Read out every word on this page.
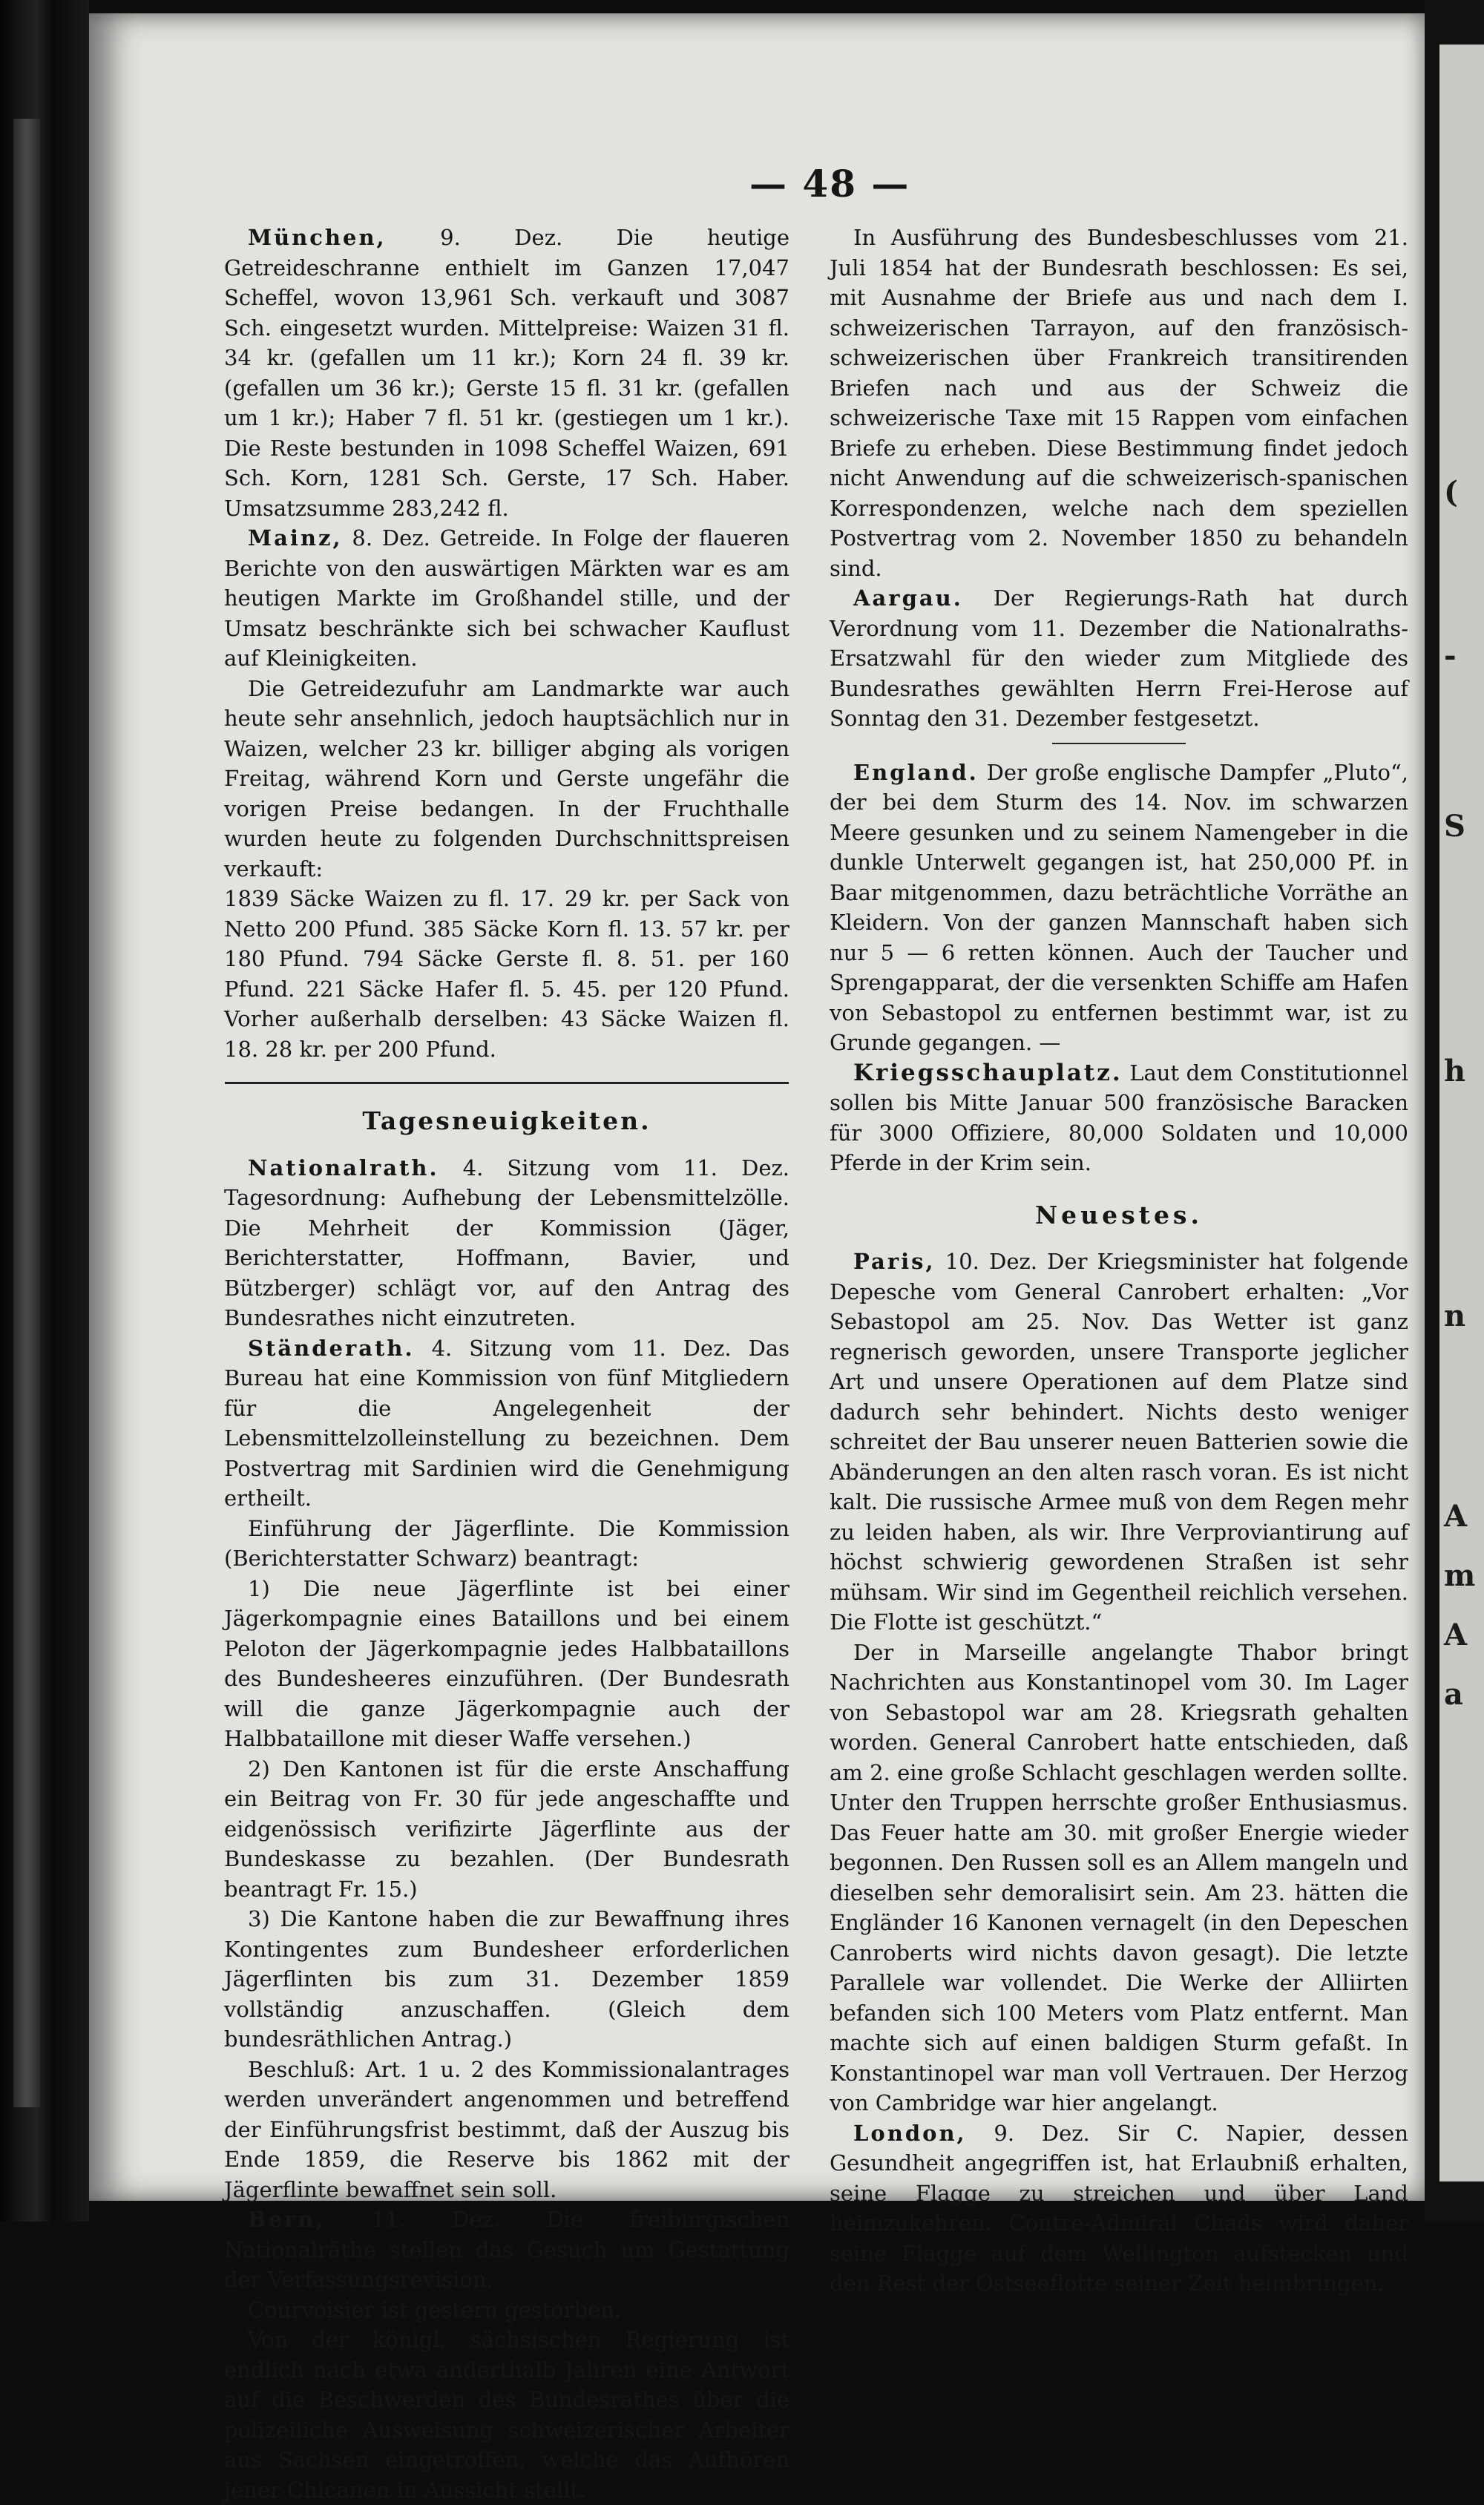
(
-
S
h
n
A
m
A
a
— 48 —

München, 9. Dez. Die heutige Getreideschranne enthielt im Ganzen 17,047 Scheffel, wovon 13,961 Sch. verkauft und 3087 Sch. eingesetzt wurden. Mittelpreise: Waizen 31 fl. 34 kr. (gefallen um 11 kr.); Korn 24 fl. 39 kr. (gefallen um 36 kr.); Gerste 15 fl. 31 kr. (gefallen um 1 kr.); Haber 7 fl. 51 kr. (gestiegen um 1 kr.). Die Reste bestunden in 1098 Scheffel Waizen, 691 Sch. Korn, 1281 Sch. Gerste, 17 Sch. Haber. Umsatzsumme 283,242 fl.

Mainz, 8. Dez. Getreide. In Folge der flaueren Berichte von den auswärtigen Märkten war es am heutigen Markte im Großhandel stille, und der Umsatz beschränkte sich bei schwacher Kauflust auf Kleinigkeiten.

Die Getreidezufuhr am Landmarkte war auch heute sehr ansehnlich, jedoch hauptsächlich nur in Waizen, welcher 23 kr. billiger abging als vorigen Freitag, während Korn und Gerste ungefähr die vorigen Preise bedangen. In der Fruchthalle wurden heute zu folgenden Durchschnittspreisen verkauft:

1839 Säcke Waizen zu fl. 17. 29 kr. per Sack von Netto 200 Pfund. 385 Säcke Korn fl. 13. 57 kr. per 180 Pfund. 794 Säcke Gerste fl. 8. 51. per 160 Pfund. 221 Säcke Hafer fl. 5. 45. per 120 Pfund. Vorher außerhalb derselben: 43 Säcke Waizen fl. 18. 28 kr. per 200 Pfund.

Tagesneuigkeiten.

Nationalrath. 4. Sitzung vom 11. Dez. Tagesordnung: Aufhebung der Lebensmittelzölle. Die Mehrheit der Kommission (Jäger, Berichterstatter, Hoffmann, Bavier, und Bützberger) schlägt vor, auf den Antrag des Bundesrathes nicht einzutreten.

Ständerath. 4. Sitzung vom 11. Dez. Das Bureau hat eine Kommission von fünf Mitgliedern für die Angelegenheit der Lebensmittelzolleinstellung zu bezeichnen. Dem Postvertrag mit Sardinien wird die Genehmigung ertheilt.

Einführung der Jägerflinte. Die Kommission (Berichterstatter Schwarz) beantragt:

1) Die neue Jägerflinte ist bei einer Jägerkompagnie eines Bataillons und bei einem Peloton der Jägerkompagnie jedes Halbbataillons des Bundesheeres einzuführen. (Der Bundesrath will die ganze Jägerkompagnie auch der Halbbataillone mit dieser Waffe versehen.)

2) Den Kantonen ist für die erste Anschaffung ein Beitrag von Fr. 30 für jede angeschaffte und eidgenössisch verifizirte Jägerflinte aus der Bundeskasse zu bezahlen. (Der Bundesrath beantragt Fr. 15.)

3) Die Kantone haben die zur Bewaffnung ihres Kontingentes zum Bundesheer erforderlichen Jägerflinten bis zum 31. Dezember 1859 vollständig anzuschaffen. (Gleich dem bundesräthlichen Antrag.)

Beschluß: Art. 1 u. 2 des Kommissionalantrages werden unverändert angenommen und betreffend der Einführungsfrist bestimmt, daß der Auszug bis Ende 1859, die Reserve bis 1862 mit der Jägerflinte bewaffnet sein soll.

Bern, 11. Dez. Die freiburgischen Nationalräthe stellen das Gesuch um Gestattung der Verfassungsrevision.

Courvoisier ist gestern gestorben.

Von der königl. sächsischen Regierung ist endlich nach etwa anderthalb Jahren eine Antwort auf die Beschwerden des Bundesrathes über die polizeiliche Ausweisung schweizerischer Arbeiter aus Sachsen eingetroffen, welche das Aufhören jener Chicanen in Aussicht stellt.

In Ausführung des Bundesbeschlusses vom 21. Juli 1854 hat der Bundesrath beschlossen: Es sei, mit Ausnahme der Briefe aus und nach dem I. schweizerischen Tarrayon, auf den französisch-schweizerischen über Frankreich transitirenden Briefen nach und aus der Schweiz die schweizerische Taxe mit 15 Rappen vom einfachen Briefe zu erheben. Diese Bestimmung findet jedoch nicht Anwendung auf die schweizerisch-spanischen Korrespondenzen, welche nach dem speziellen Postvertrag vom 2. November 1850 zu behandeln sind.

Aargau. Der Regierungs-Rath hat durch Verordnung vom 11. Dezember die Nationalraths-Ersatzwahl für den wieder zum Mitgliede des Bundesrathes gewählten Herrn Frei-Herose auf Sonntag den 31. Dezember festgesetzt.

England. Der große englische Dampfer „Pluto“, der bei dem Sturm des 14. Nov. im schwarzen Meere gesunken und zu seinem Namengeber in die dunkle Unterwelt gegangen ist, hat 250,000 Pf. in Baar mitgenommen, dazu beträchtliche Vorräthe an Kleidern. Von der ganzen Mannschaft haben sich nur 5 — 6 retten können. Auch der Taucher und Sprengapparat, der die versenkten Schiffe am Hafen von Sebastopol zu entfernen bestimmt war, ist zu Grunde gegangen. —

Kriegsschauplatz. Laut dem Constitutionnel sollen bis Mitte Januar 500 französische Baracken für 3000 Offiziere, 80,000 Soldaten und 10,000 Pferde in der Krim sein.

Neuestes.

Paris, 10. Dez. Der Kriegsminister hat folgende Depesche vom General Canrobert erhalten: „Vor Sebastopol am 25. Nov. Das Wetter ist ganz regnerisch geworden, unsere Transporte jeglicher Art und unsere Operationen auf dem Platze sind dadurch sehr behindert. Nichts desto weniger schreitet der Bau unserer neuen Batterien sowie die Abänderungen an den alten rasch voran. Es ist nicht kalt. Die russische Armee muß von dem Regen mehr zu leiden haben, als wir. Ihre Verproviantirung auf höchst schwierig gewordenen Straßen ist sehr mühsam. Wir sind im Gegentheil reichlich versehen. Die Flotte ist geschützt.“

Der in Marseille angelangte Thabor bringt Nachrichten aus Konstantinopel vom 30. Im Lager von Sebastopol war am 28. Kriegsrath gehalten worden. General Canrobert hatte entschieden, daß am 2. eine große Schlacht geschlagen werden sollte. Unter den Truppen herrschte großer Enthusiasmus. Das Feuer hatte am 30. mit großer Energie wieder begonnen. Den Russen soll es an Allem mangeln und dieselben sehr demoralisirt sein. Am 23. hätten die Engländer 16 Kanonen vernagelt (in den Depeschen Canroberts wird nichts davon gesagt). Die letzte Parallele war vollendet. Die Werke der Alliirten befanden sich 100 Meters vom Platz entfernt. Man machte sich auf einen baldigen Sturm gefaßt. In Konstantinopel war man voll Vertrauen. Der Herzog von Cambridge war hier angelangt.

London, 9. Dez. Sir C. Napier, dessen Gesundheit angegriffen ist, hat Erlaubniß erhalten, seine Flagge zu streichen und über Land heimzukehren. Contre-Admiral Chads wird daher seine Flagge auf dem Wellington aufstecken und den Rest der Ostseeflotte seiner Zeit heimbringen.
